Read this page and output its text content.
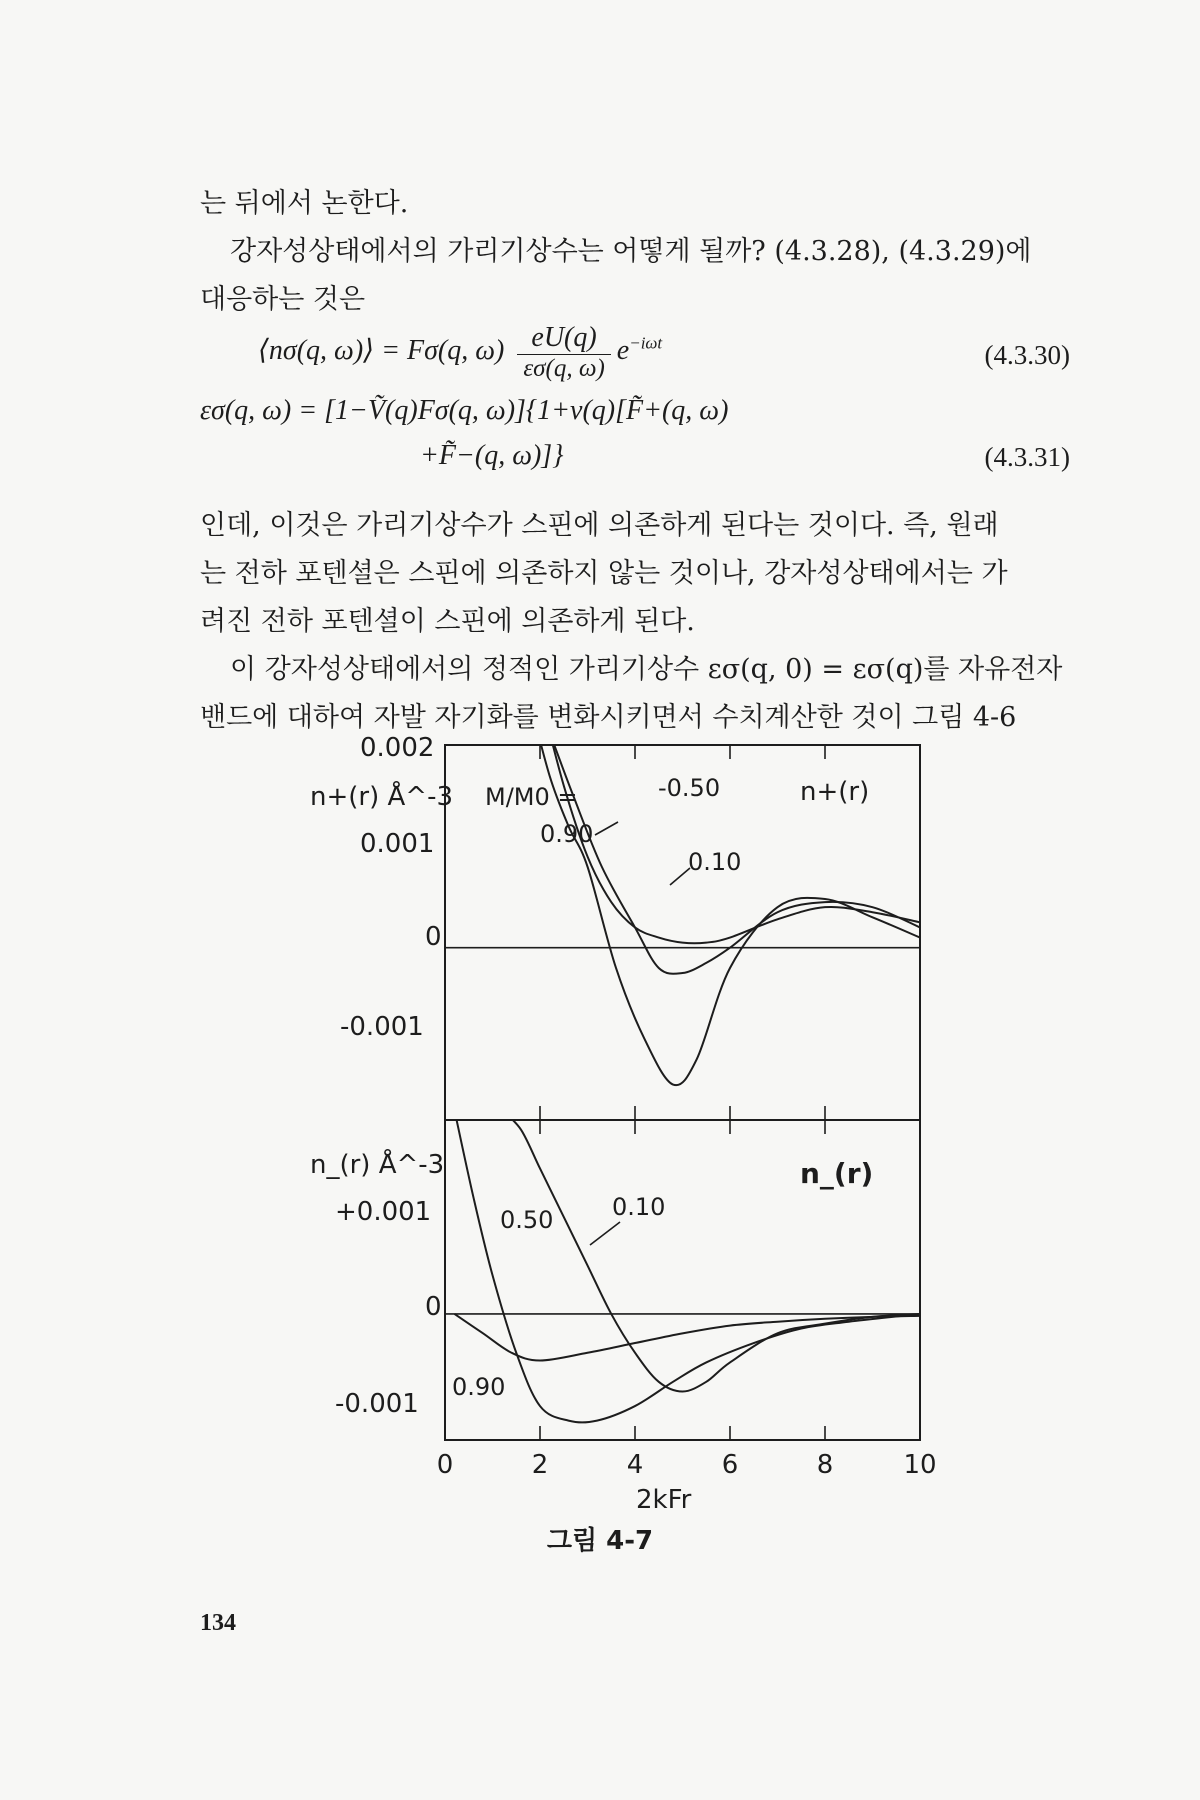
는 뒤에서 논한다.
강자성상태에서의 가리기상수는 어떻게 될까? (4.3.28), (4.3.29)에
대응하는 것은
⟨nσ(q, ω)⟩ = Fσ(q, $\omega) \frac{eU(q)}{\varepsilon\sigma(q, \omega)} e^{-i\omega t}$	(4.3.30)
εσ(q, ω) = [1−Ṽ(q)Fσ(q, ω)]{1+v(q)[F̃+(q, ω)
+F̃−(q, ω)]}	(4.3.31)
인데, 이것은 가리기상수가 스핀에 의존하게 된다는 것이다. 즉, 원래
는 전하 포텐셜은 스핀에 의존하지 않는 것이나, 강자성상태에서는 가
려진 전하 포텐셜이 스핀에 의존하게 된다.
이 강자성상태에서의 정적인 가리기상수 εσ(q, 0) = εσ(q)를 자유전자
밴드에 대하여 자발 자기화를 변화시키면서 수치계산한 것이 그림 4-6
0.002
0.001
0
-0.001
n+(r) Å^-3 M/M0 =	n+(r)
+0.001
0
-0.001
n_(r) Å^-3	n_(r)
2kFr
0	2	4	6	8	10
-0.50
0.90
0.10
0.50 0.10
0.90
그림 4-7
134
